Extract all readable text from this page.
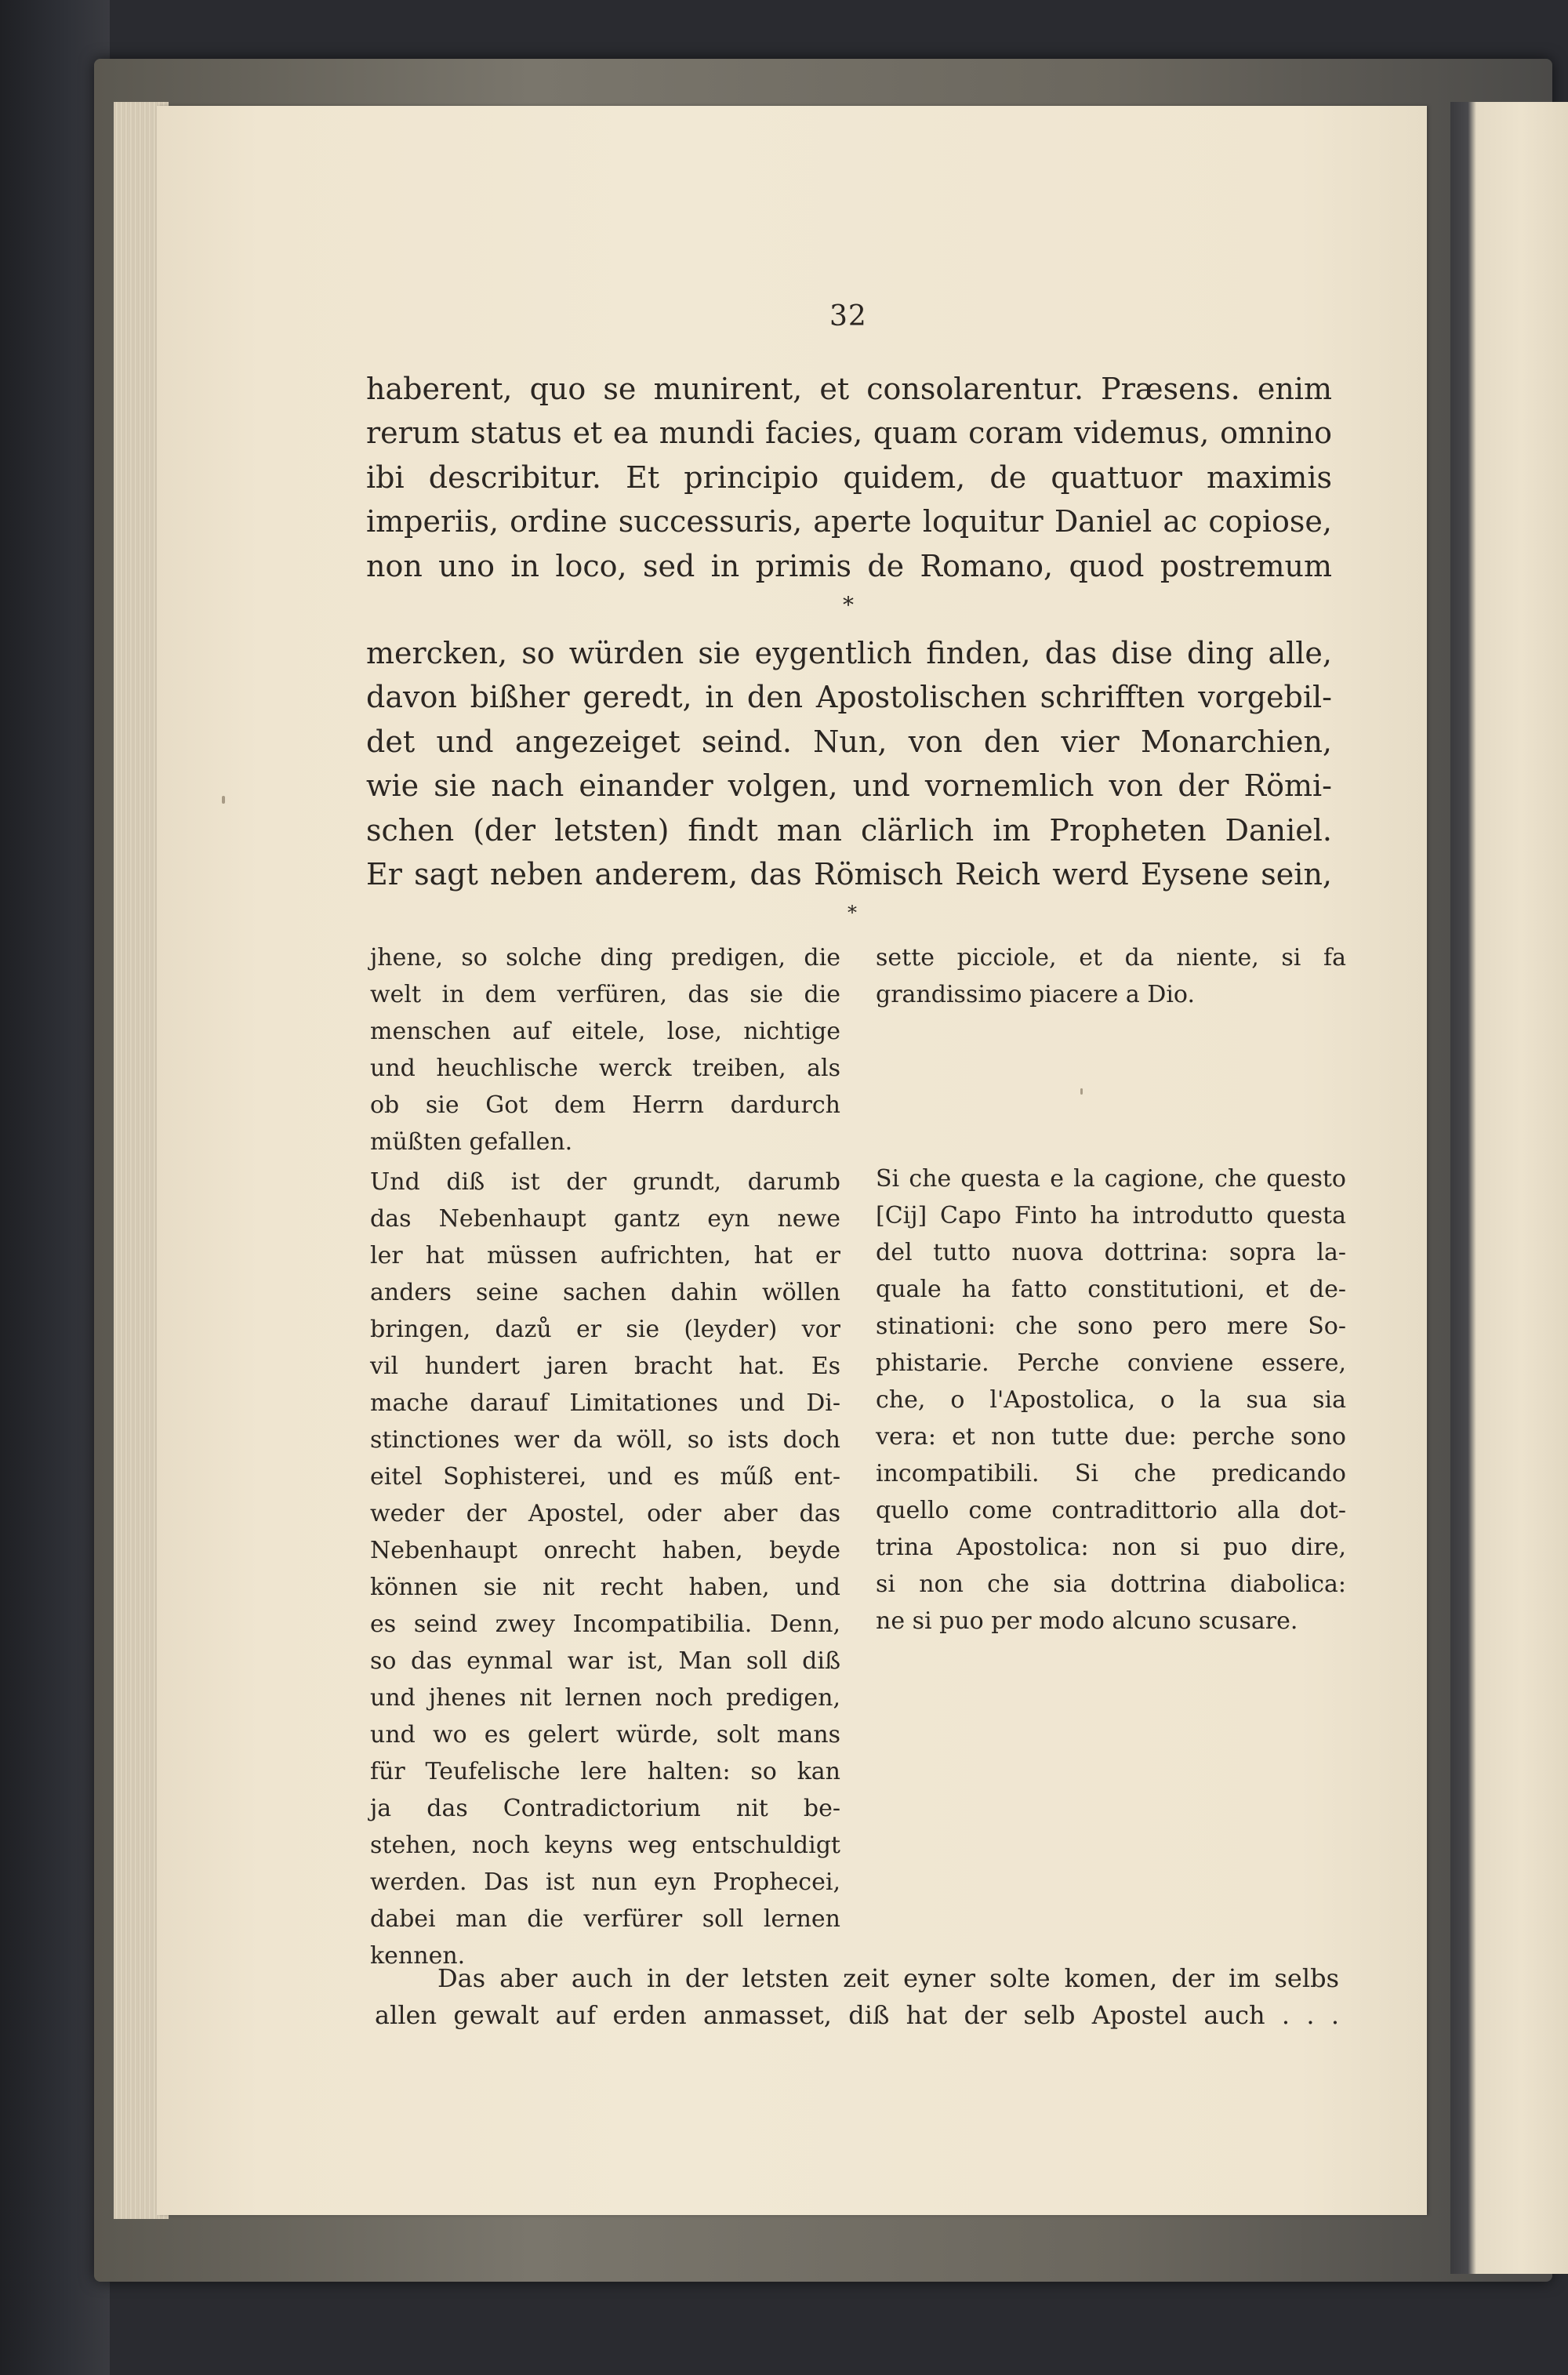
32
haberent, quo se munirent, et consolarentur. Præsens. enim
rerum status et ea mundi facies, quam coram videmus, omnino
ibi describitur. Et principio quidem, de quattuor maximis
imperiis, ordine successuris, aperte loquitur Daniel ac copiose,
non uno in loco, sed in primis de Romano, quod postremum
*
mercken, so würden sie eygentlich finden, das dise ding alle,
davon bißher geredt, in den Apostolischen schrifften vorgebil-
det und angezeiget seind. Nun, von den vier Monarchien,
wie sie nach einander volgen, und vornemlich von der Römi-
schen (der letsten) findt man clärlich im Propheten Daniel.
Er sagt neben anderem, das Römisch Reich werd Eysene sein,
*
jhene, so solche ding predigen, die
welt in dem verfüren, das sie die
menschen auf eitele, lose, nichtige
und heuchlische werck treiben, als
ob sie Got dem Herrn dardurch
müßten gefallen.
Und diß ist der grundt, darumb
das Nebenhaupt gantz eyn newe
ler hat müssen aufrichten, hat er
anders seine sachen dahin wöllen
bringen, dazů er sie (leyder) vor
vil hundert jaren bracht hat. Es
mache darauf Limitationes und Di-
stinctiones wer da wöll, so ists doch
eitel Sophisterei, und es műß ent-
weder der Apostel, oder aber das
Nebenhaupt onrecht haben, beyde
können sie nit recht haben, und
es seind zwey Incompatibilia. Denn,
so das eynmal war ist, Man soll diß
und jhenes nit lernen noch predigen,
und wo es gelert würde, solt mans
für Teufelische lere halten: so kan
ja das Contradictorium nit be-
stehen, noch keyns weg entschuldigt
werden. Das ist nun eyn Prophecei,
dabei man die verfürer soll lernen
kennen.
sette picciole, et da niente, si fa
grandissimo piacere a Dio.
Si che questa e la cagione, che questo
[Cij] Capo Finto ha introdutto questa
del tutto nuova dottrina: sopra la-
quale ha fatto constitutioni, et de-
stinationi: che sono pero mere So-
phistarie. Perche conviene essere,
che, o l'Apostolica, o la sua sia
vera: et non tutte due: perche sono
incompatibili. Si che predicando
quello come contradittorio alla dot-
trina Apostolica: non si puo dire,
si non che sia dottrina diabolica:
ne si puo per modo alcuno scusare.
Das aber auch in der letsten zeit eyner solte komen, der im selbs
allen gewalt auf erden anmasset, diß hat der selb Apostel auch . . .
